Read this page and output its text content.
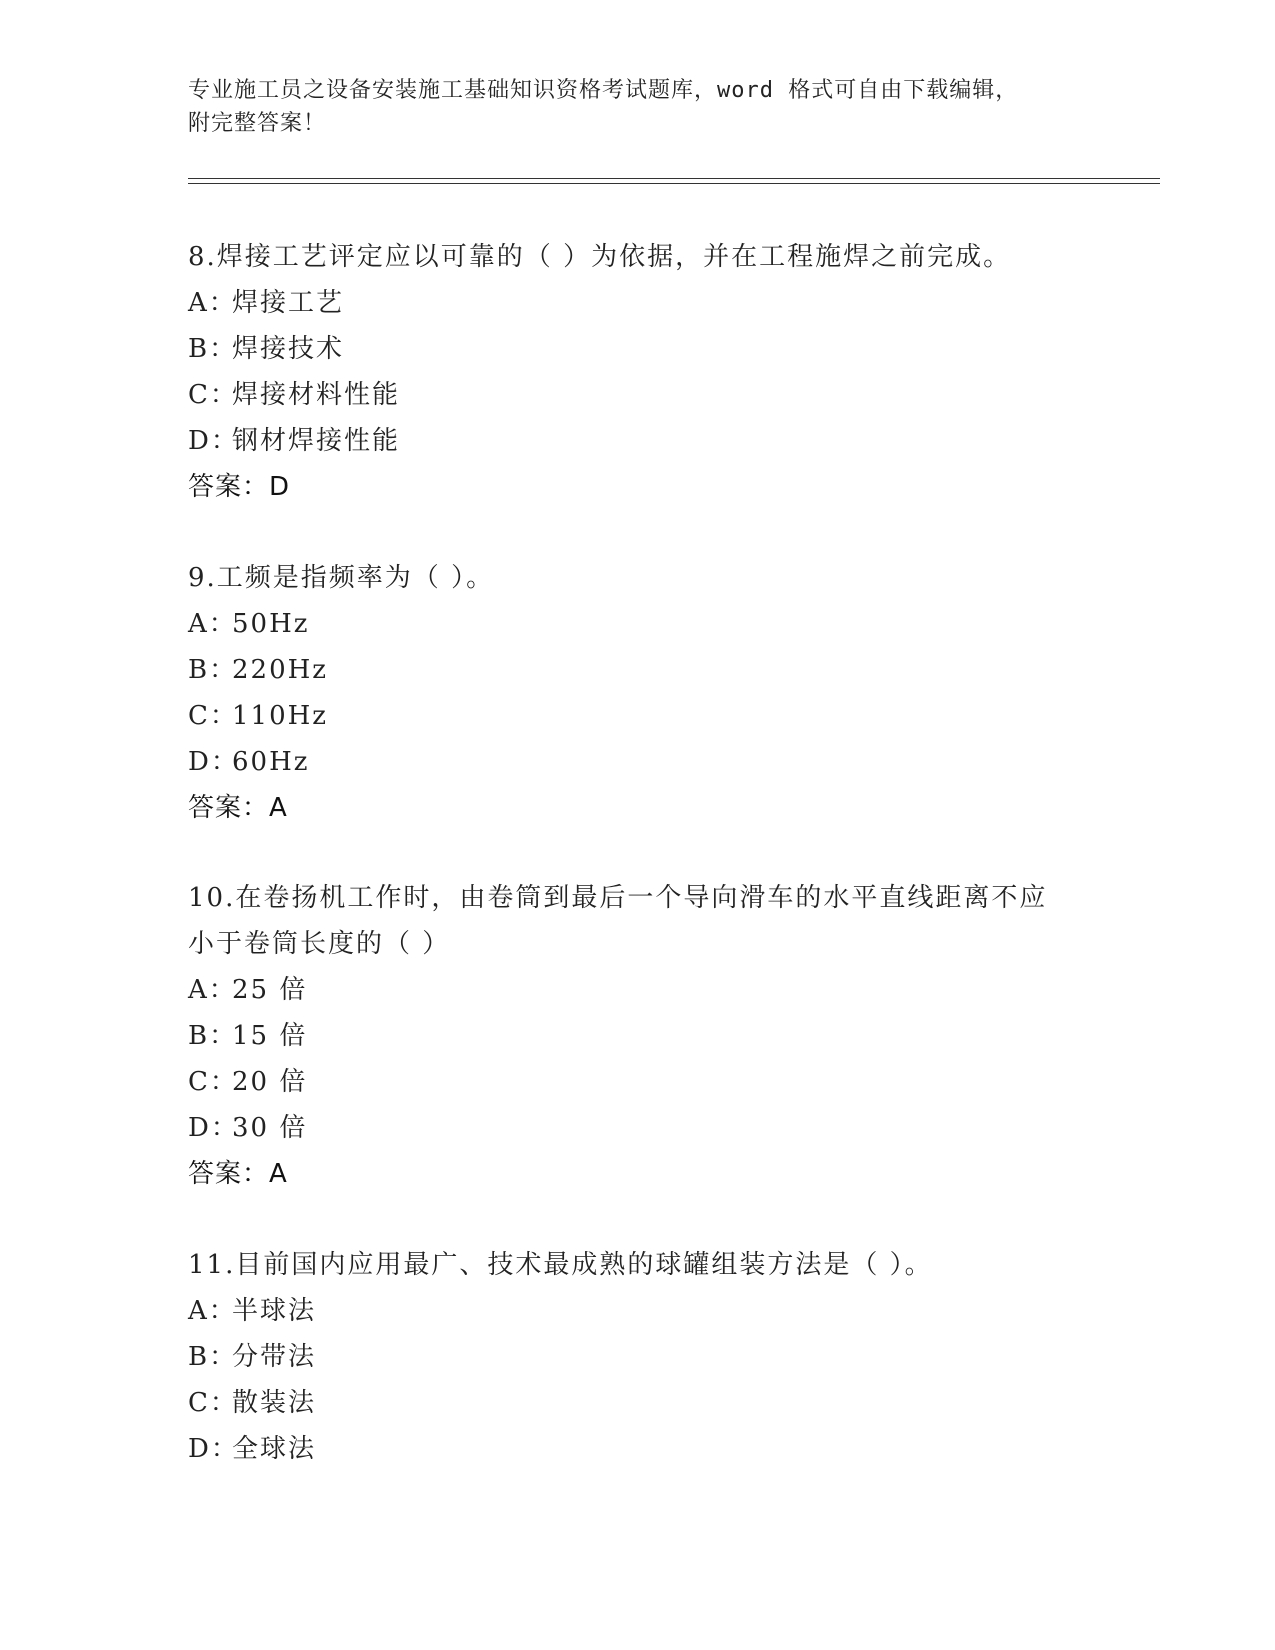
专业施工员之设备安装施工基础知识资格考试题库，word 格式可自由下载编辑，
附完整答案！
8.焊接工艺评定应以可靠的（ ）为依据，并在工程施焊之前完成。
A：焊接工艺
B：焊接技术
C：焊接材料性能
D：钢材焊接性能
答案：D
9.工频是指频率为（ ）。
A：50Hz
B：220Hz
C：110Hz
D：60Hz
答案：A
10.在卷扬机工作时，由卷筒到最后一个导向滑车的水平直线距离不应小于卷筒长度的（ ）
A：25 倍
B：15 倍
C：20 倍
D：30 倍
答案：A
11.目前国内应用最广、技术最成熟的球罐组装方法是（ ）。
A：半球法
B：分带法
C：散装法
D：全球法
